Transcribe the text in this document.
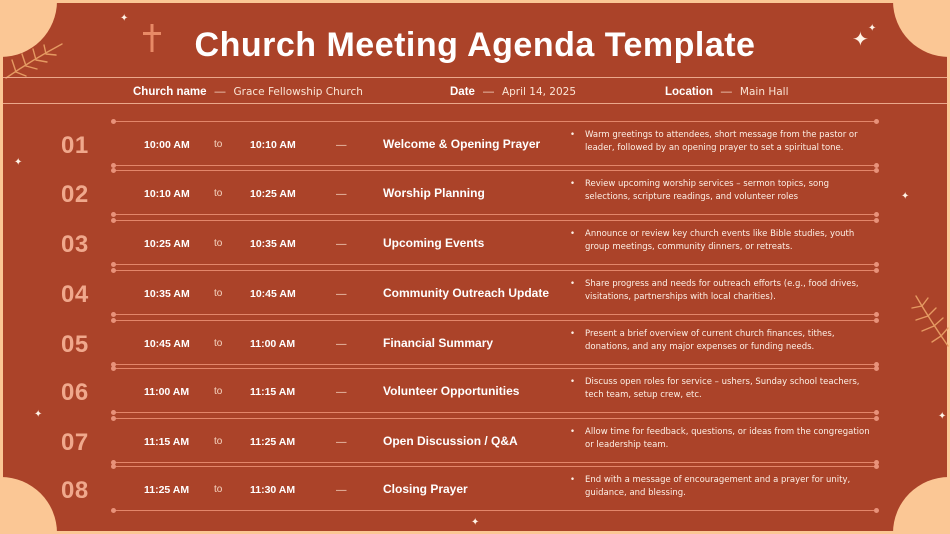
✦
✦
✦
✦
✦
✦	✦
✦
Church Meeting Agenda Template
Church name — Grace Fellowship Church	Date — April 14, 2025	Location — Main Hall
01	10:00 AM to	10:10 AM	—	Welcome & Opening Prayer
•	Warm greetings to attendees, short message from the pastor or leader, followed by an opening prayer to set a spiritual tone.
02	10:10 AM to	10:25 AM	—	Worship Planning
•	Review upcoming worship services – sermon topics, song selections, scripture readings, and volunteer roles
03	10:25 AM to	10:35 AM	—	Upcoming Events
•	Announce or review key church events like Bible studies, youth group meetings, community dinners, or retreats.
04	10:35 AM to	10:45 AM	—	Community Outreach Update
•	Share progress and needs for outreach efforts (e.g., food drives, visitations, partnerships with local charities).
05	10:45 AM to	11:00 AM	—	Financial Summary
•	Present a brief overview of current church finances, tithes, donations, and any major expenses or funding needs.
06	11:00 AM to	11:15 AM	—	Volunteer Opportunities
•	Discuss open roles for service – ushers, Sunday school teachers, tech team, setup crew, etc.
07	11:15 AM to	11:25 AM	—	Open Discussion / Q&A
•	Allow time for feedback, questions, or ideas from the congregation or leadership team.
08	11:25 AM to	11:30 AM	—	Closing Prayer
•	End with a message of encouragement and a prayer for unity, guidance, and blessing.
